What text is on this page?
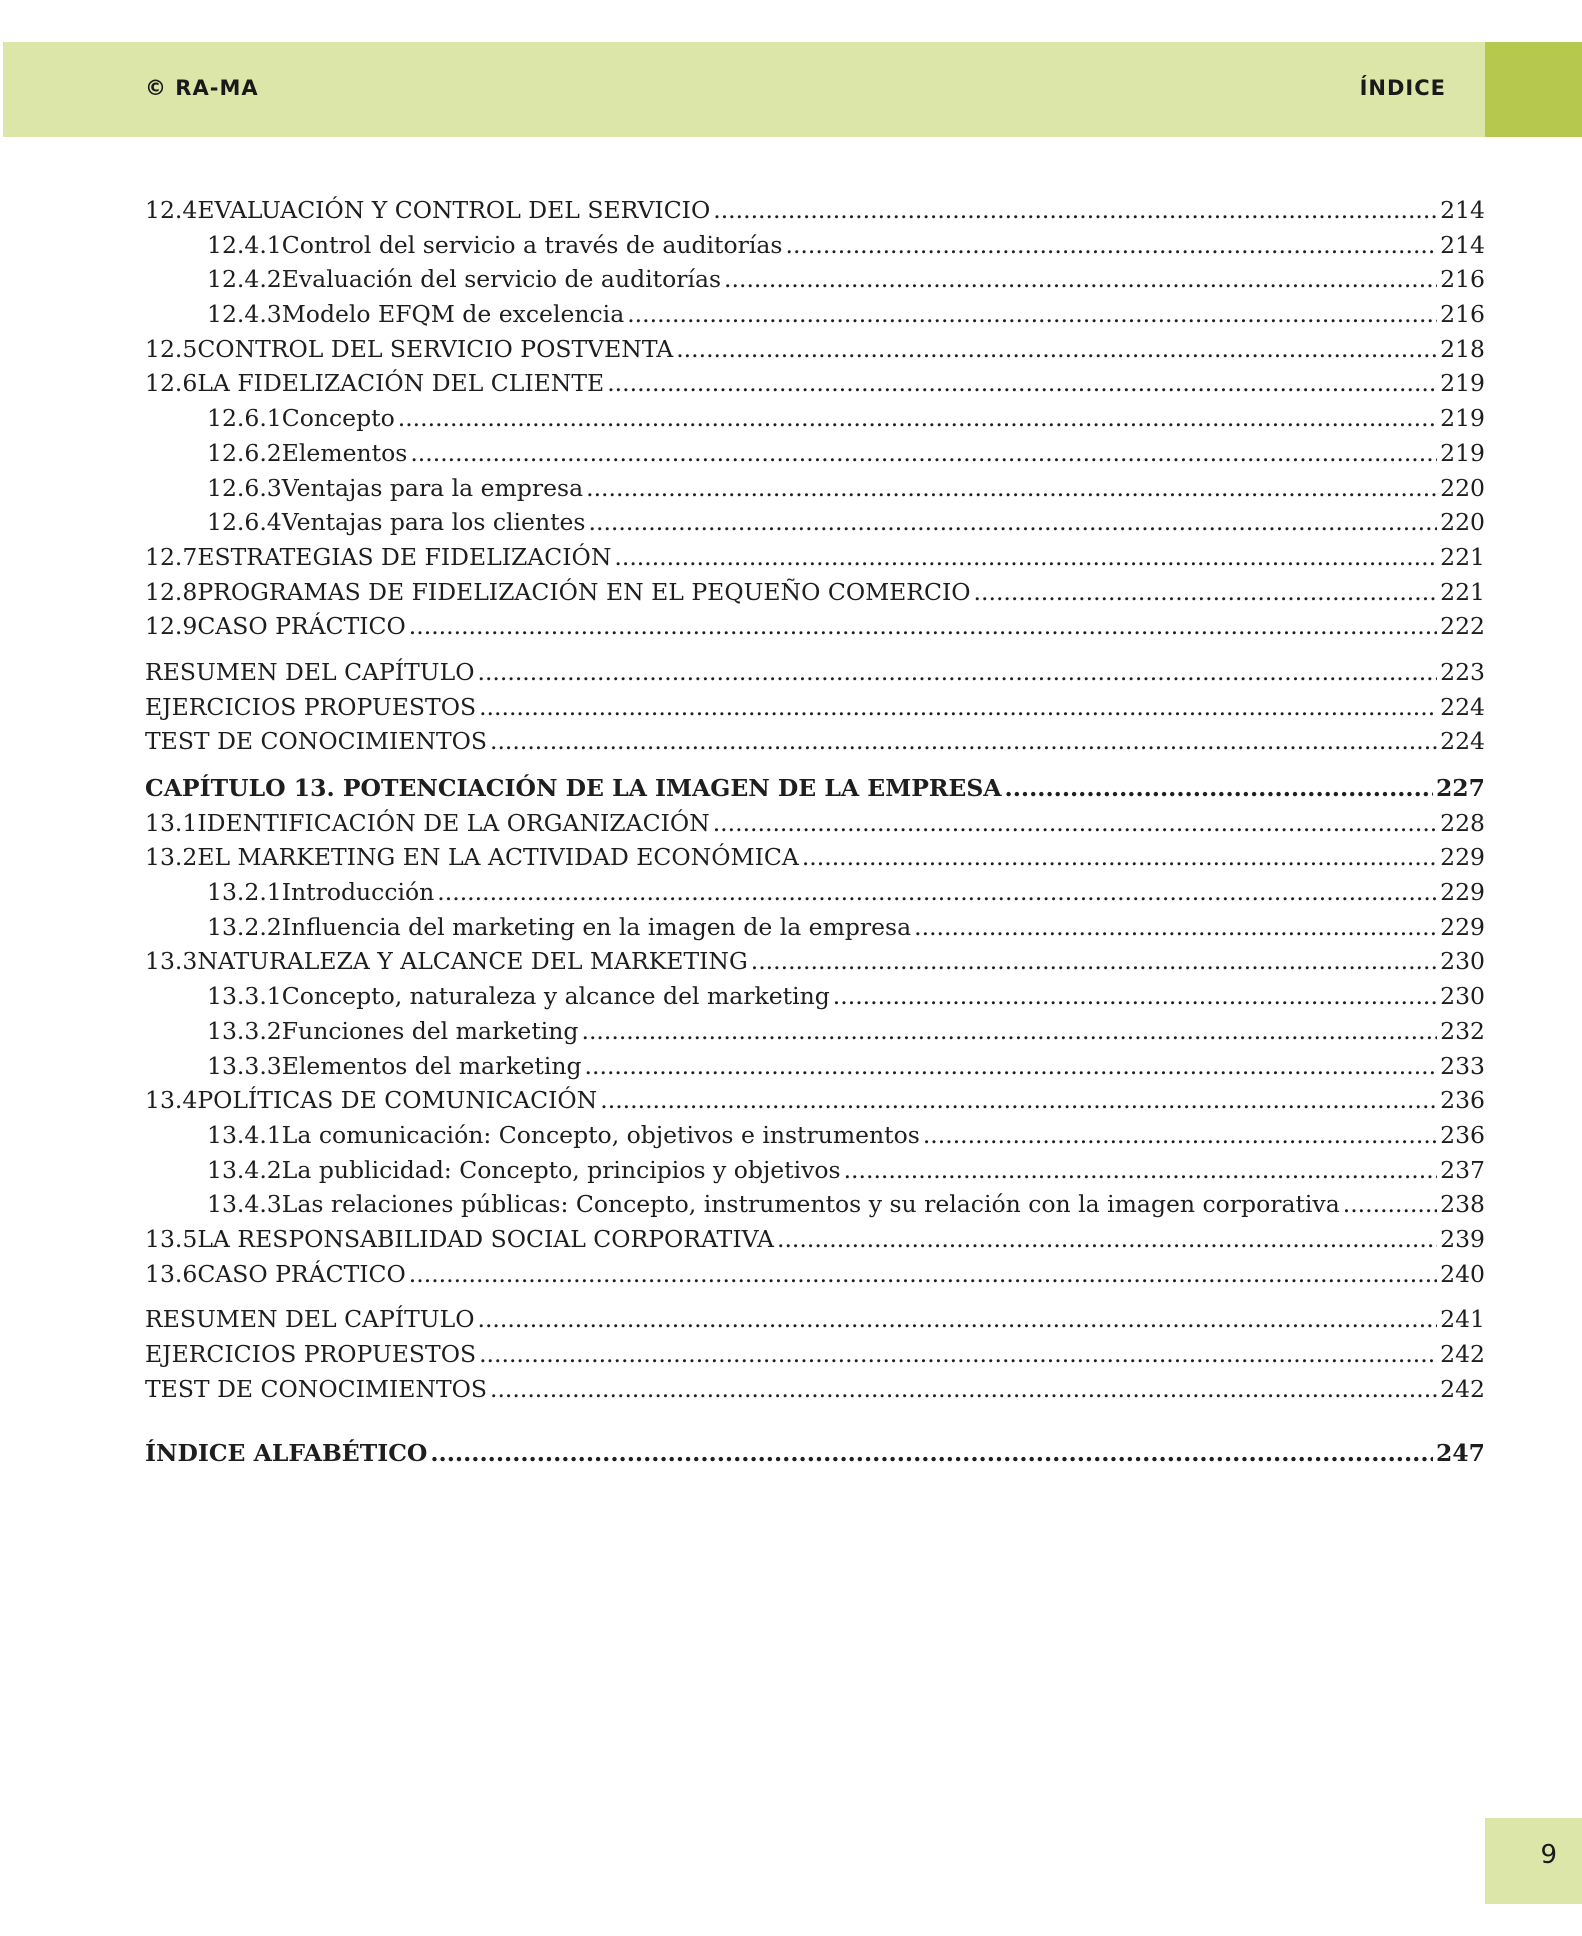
© RA-MA	ÍNDICE
12.4 EVALUACIÓN Y CONTROL DEL SERVICIO .....	214
12.4.1 Control del servicio a través de auditorías .....	214
12.4.2 Evaluación del servicio de auditorías .....	216
12.4.3 Modelo EFQM de excelencia .....	216
12.5 CONTROL DEL SERVICIO POSTVENTA .....	218
12.6 LA FIDELIZACIÓN DEL CLIENTE .....	219
12.6.1 Concepto .....	219
12.6.2 Elementos .....	219
12.6.3 Ventajas para la empresa .....	220
12.6.4 Ventajas para los clientes .....	220
12.7 ESTRATEGIAS DE FIDELIZACIÓN .....	221
12.8 PROGRAMAS DE FIDELIZACIÓN EN EL PEQUEÑO COMERCIO .....	221
12.9 CASO PRÁCTICO .....	222
RESUMEN DEL CAPÍTULO .....	223
EJERCICIOS PROPUESTOS .....	224
TEST DE CONOCIMIENTOS .....	224
CAPÍTULO 13. POTENCIACIÓN DE LA IMAGEN DE LA EMPRESA .....	227
13.1 IDENTIFICACIÓN DE LA ORGANIZACIÓN .....	228
13.2 EL MARKETING EN LA ACTIVIDAD ECONÓMICA .....	229
13.2.1 Introducción .....	229
13.2.2 Influencia del marketing en la imagen de la empresa .....	229
13.3 NATURALEZA Y ALCANCE DEL MARKETING .....	230
13.3.1 Concepto, naturaleza y alcance del marketing .....	230
13.3.2 Funciones del marketing .....	232
13.3.3 Elementos del marketing .....	233
13.4 POLÍTICAS DE COMUNICACIÓN .....	236
13.4.1 La comunicación: Concepto, objetivos e instrumentos .....	236
13.4.2 La publicidad: Concepto, principios y objetivos .....	237
13.4.3 Las relaciones públicas: Concepto, instrumentos y su relación con la imagen corporativa .....	238
13.5 LA RESPONSABILIDAD SOCIAL CORPORATIVA .....	239
13.6 CASO PRÁCTICO .....	240
RESUMEN DEL CAPÍTULO .....	241
EJERCICIOS PROPUESTOS .....	242
TEST DE CONOCIMIENTOS .....	242
ÍNDICE ALFABÉTICO .....	247
9
